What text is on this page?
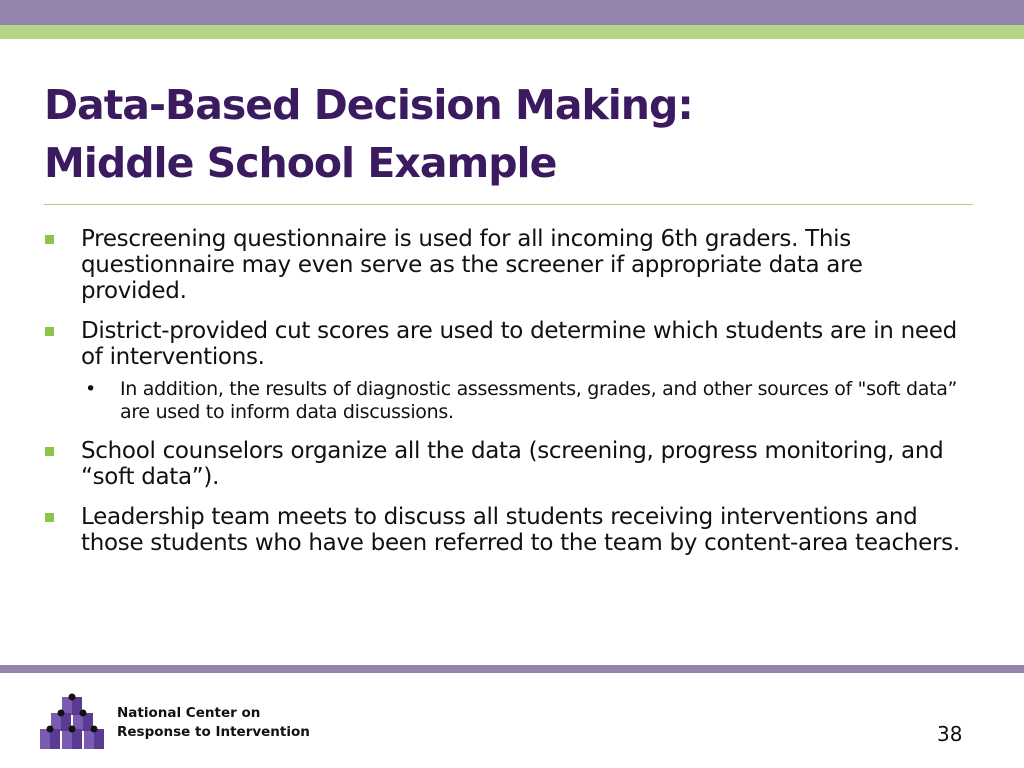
Data-Based Decision Making:
Middle School Example
Prescreening questionnaire is used for all incoming 6th graders. This questionnaire may even serve as the screener if appropriate data are provided.
District-provided cut scores are used to determine which students are in need of interventions.
• In addition, the results of diagnostic assessments, grades, and other sources of "soft data” are used to inform data discussions.
School counselors organize all the data (screening, progress monitoring, and “soft data”).
Leadership team meets to discuss all students receiving interventions and those students who have been referred to the team by content-area teachers.
National Center on
Response to Intervention	38
